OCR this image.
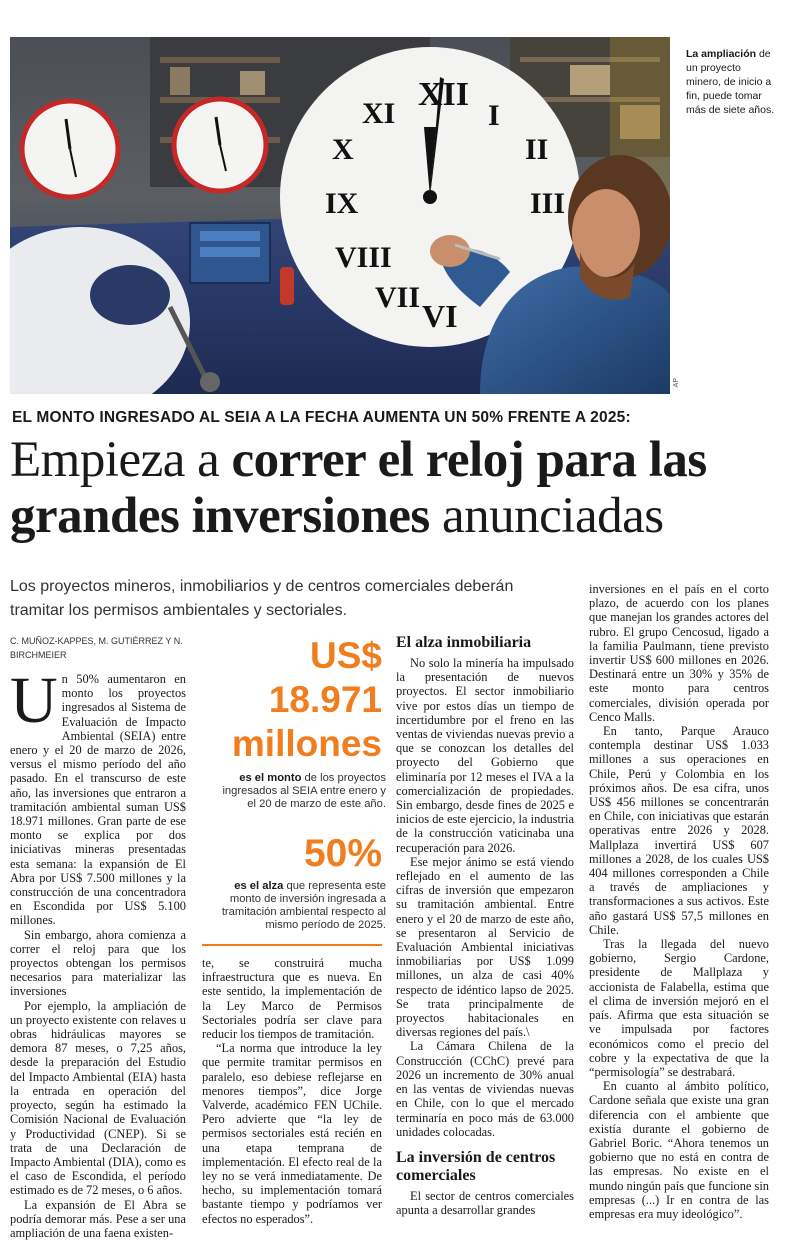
XII
I
II
III
IX
X
XI
VIII
VII
VI
AP
La ampliación de un proyecto minero, de inicio a fin, puede tomar más de siete años.
EL MONTO INGRESADO AL SEIA A LA FECHA AUMENTA UN 50% FRENTE A 2025:
Empieza a correr el reloj para las
grandes inversiones anunciadas
Los proyectos mineros, inmobiliarios y de centros comerciales deberán tramitar los permisos ambientales y sectoriales.
C. MUÑOZ-KAPPES, M. GUTIÉRREZ Y N. BIRCHMEIER

Un 50% aumentaron en monto los proyectos ingresados al Sistema de Evaluación de Impacto Ambiental (SEIA) entre enero y el 20 de marzo de 2026, versus el mismo período del año pasado. En el transcurso de este año, las inversiones que entraron a tramitación ambiental suman US$ 18.971 millones. Gran parte de ese monto se explica por dos iniciativas mineras presentadas esta semana: la expansión de El Abra por US$ 7.500 millones y la construcción de una concentradora en Escondida por US$ 5.100 millones.

Sin embargo, ahora comienza a correr el reloj para que los proyectos obtengan los permisos necesarios para materializar las inversiones

Por ejemplo, la ampliación de un proyecto existente con relaves u obras hidráulicas mayores se demora 87 meses, o 7,25 años, desde la preparación del Estudio del Impacto Ambiental (EIA) hasta la entrada en operación del proyecto, según ha estimado la Comisión Nacional de Evaluación y Productividad (CNEP). Si se trata de una Declaración de Impacto Ambiental (DIA), como es el caso de Escondida, el período estimado es de 72 meses, o 6 años.

La expansión de El Abra se podría demorar más. Pese a ser una ampliación de una faena existen-

US$ 18.971 millones
es el monto de los proyectos ingresados al SEIA entre enero y el 20 de marzo de este año.
50%
es el alza que representa este monto de inversión ingresada a tramitación ambiental respecto al mismo período de 2025.

te, se construirá mucha infraestructura que es nueva. En este sentido, la implementación de la Ley Marco de Permisos Sectoriales podría ser clave para reducir los tiempos de tramitación.

“La norma que introduce la ley que permite tramitar permisos en paralelo, eso debiese reflejarse en menores tiempos”, dice Jorge Valverde, académico FEN UChile. Pero advierte que “la ley de permisos sectoriales está recién en una etapa temprana de implementación. El efecto real de la ley no se verá inmediatamente. De hecho, su implementación tomará bastante tiempo y podríamos ver efectos no esperados”.

El alza inmobiliaria

No solo la minería ha impulsado la presentación de nuevos proyectos. El sector inmobiliario vive por estos días un tiempo de incertidumbre por el freno en las ventas de viviendas nuevas previo a que se conozcan los detalles del proyecto del Gobierno que eliminaría por 12 meses el IVA a la comercialización de propiedades. Sin embargo, desde fines de 2025 e inicios de este ejercicio, la industria de la construcción vaticinaba una recuperación para 2026.

Ese mejor ánimo se está viendo reflejado en el aumento de las cifras de inversión que empezaron su tramitación ambiental. Entre enero y el 20 de marzo de este año, se presentaron al Servicio de Evaluación Ambiental iniciativas inmobiliarias por US$ 1.099 millones, un alza de casi 40% respecto de idéntico lapso de 2025. Se trata principalmente de proyectos habitacionales en diversas regiones del país.\

La Cámara Chilena de la Construcción (CChC) prevé para 2026 un incremento de 30% anual en las ventas de viviendas nuevas en Chile, con lo que el mercado terminaría en poco más de 63.000 unidades colocadas.

La inversión de centros comerciales

El sector de centros comerciales apunta a desarrollar grandes

inversiones en el país en el corto plazo, de acuerdo con los planes que manejan los grandes actores del rubro. El grupo Cencosud, ligado a la familia Paulmann, tiene previsto invertir US$ 600 millones en 2026. Destinará entre un 30% y 35% de este monto para centros comerciales, división operada por Cenco Malls.

En tanto, Parque Arauco contempla destinar US$ 1.033 millones a sus operaciones en Chile, Perú y Colombia en los próximos años. De esa cifra, unos US$ 456 millones se concentrarán en Chile, con iniciativas que estarán operativas entre 2026 y 2028. Mallplaza invertirá US$ 607 millones a 2028, de los cuales US$ 404 millones corresponden a Chile a través de ampliaciones y transformaciones a sus activos. Este año gastará US$ 57,5 millones en Chile.

Tras la llegada del nuevo gobierno, Sergio Cardone, presidente de Mallplaza y accionista de Falabella, estima que el clima de inversión mejoró en el país. Afirma que esta situación se ve impulsada por factores económicos como el precio del cobre y la expectativa de que la “permisología” se destrabará.

En cuanto al ámbito político, Cardone señala que existe una gran diferencia con el ambiente que existía durante el gobierno de Gabriel Boric. “Ahora tenemos un gobierno que no está en contra de las empresas. No existe en el mundo ningún país que funcione sin empresas (...) Ir en contra de las empresas era muy ideológico”.
